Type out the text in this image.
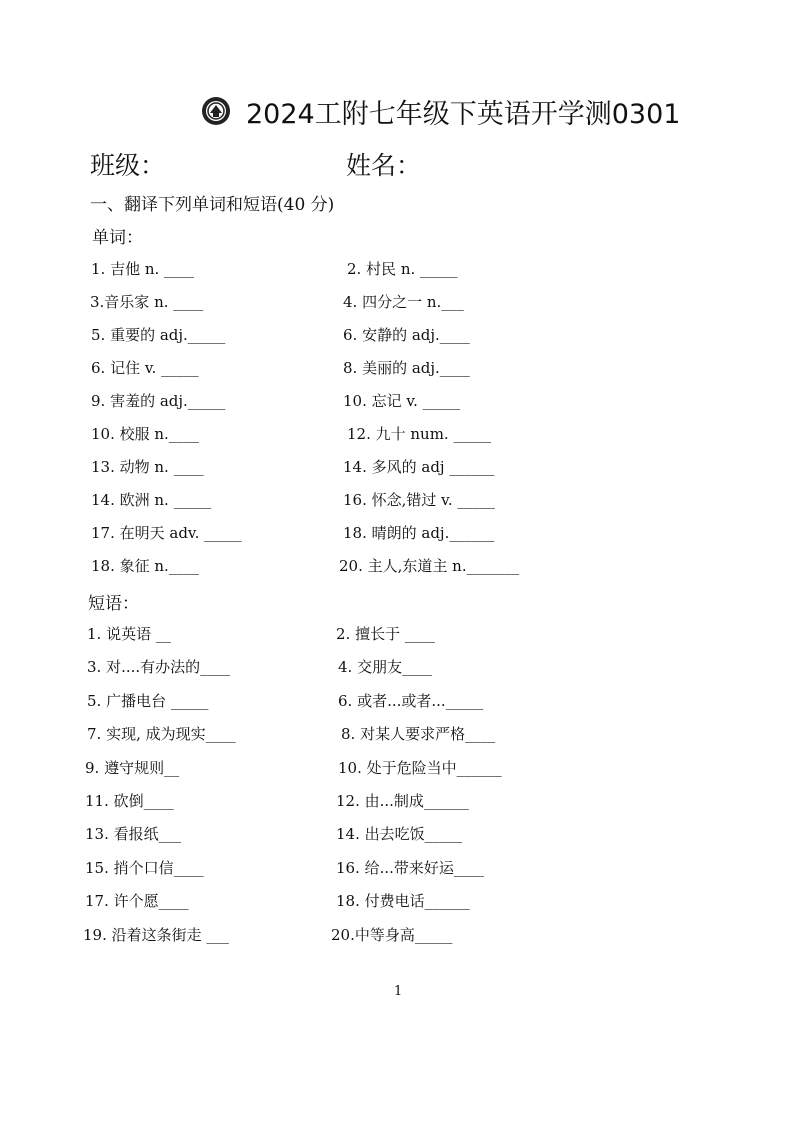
2024工附七年级下英语开学测0301
班级：	姓名：
一、翻译下列单词和短语(40 分)
单词：
1. 吉他 n. ____
3.音乐家 n. ____
5. 重要的 adj._____
6. 记住 v. _____
9. 害羞的 adj._____
10. 校服 n.____
13. 动物 n. ____
14. 欧洲 n. _____
17. 在明天 adv. _____
18. 象征 n.____
2. 村民 n. _____
4. 四分之一 n.___
6. 安静的 adj.____
8. 美丽的 adj.____
10. 忘记 v. _____
12. 九十 num. _____
14. 多风的 adj ______
16. 怀念,错过 v. _____
18. 晴朗的 adj.______
20. 主人,东道主 n._______
短语：
1. 说英语 __
3. 对....有办法的____
5. 广播电台 _____
7. 实现, 成为现实____
9. 遵守规则__
11. 砍倒____
13. 看报纸___
15. 捎个口信____
17. 许个愿____
19. 沿着这条街走 ___
2. 擅长于 ____
4. 交朋友____
6. 或者...或者..._____
8. 对某人要求严格____
10. 处于危险当中______
12. 由...制成______
14. 出去吃饭_____
16. 给...带来好运____
18. 付费电话______
20.中等身高_____
1
